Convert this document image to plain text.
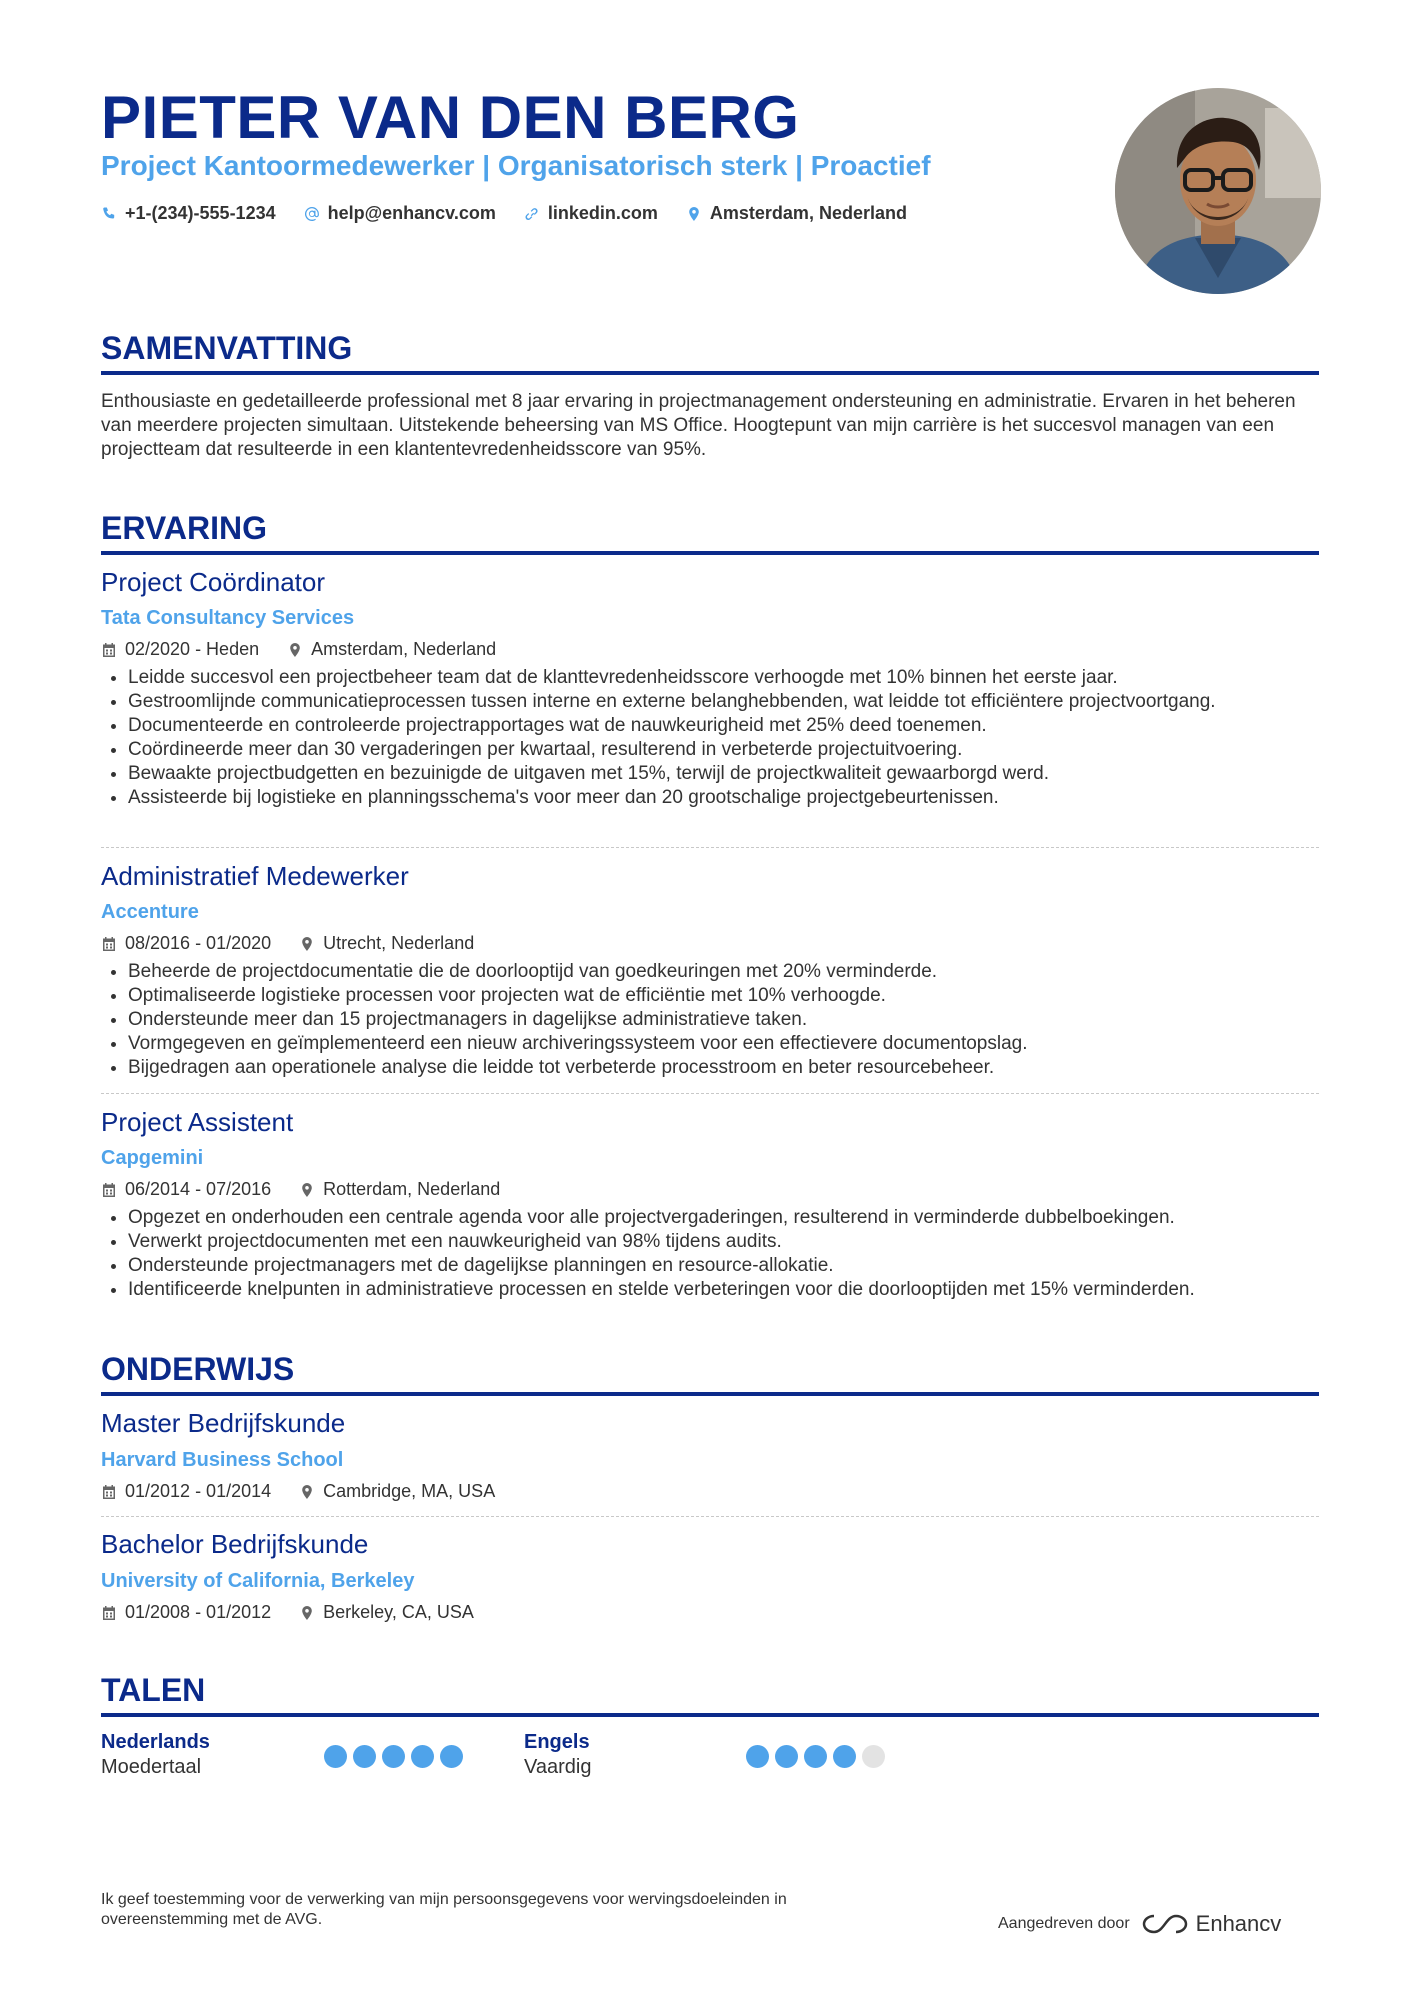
PIETER VAN DEN BERG
Project Kantoormedewerker | Organisatorisch sterk | Proactief
+1-(234)-555-1234	help@enhancv.com	linkedin.com	Amsterdam, Nederland
SAMENVATTING
Enthousiaste en gedetailleerde professional met 8 jaar ervaring in projectmanagement ondersteuning en administratie. Ervaren in het beheren van meerdere projecten simultaan. Uitstekende beheersing van MS Office. Hoogtepunt van mijn carrière is het succesvol managen van een projectteam dat resulteerde in een klantentevredenheidsscore van 95%.
ERVARING
Project Coördinator
Tata Consultancy Services
02/2020 - Heden	Amsterdam, Nederland
• Leidde succesvol een projectbeheer team dat de klanttevredenheidsscore verhoogde met 10% binnen het eerste jaar.
• Gestroomlijnde communicatieprocessen tussen interne en externe belanghebbenden, wat leidde tot efficiëntere projectvoortgang.
• Documenteerde en controleerde projectrapportages wat de nauwkeurigheid met 25% deed toenemen.
• Coördineerde meer dan 30 vergaderingen per kwartaal, resulterend in verbeterde projectuitvoering.
• Bewaakte projectbudgetten en bezuinigde de uitgaven met 15%, terwijl de projectkwaliteit gewaarborgd werd.
• Assisteerde bij logistieke en planningsschema's voor meer dan 20 grootschalige projectgebeurtenissen.
Administratief Medewerker
Accenture
08/2016 - 01/2020	Utrecht, Nederland
• Beheerde de projectdocumentatie die de doorlooptijd van goedkeuringen met 20% verminderde.
• Optimaliseerde logistieke processen voor projecten wat de efficiëntie met 10% verhoogde.
• Ondersteunde meer dan 15 projectmanagers in dagelijkse administratieve taken.
• Vormgegeven en geïmplementeerd een nieuw archiveringssysteem voor een effectievere documentopslag.
• Bijgedragen aan operationele analyse die leidde tot verbeterde processtroom en beter resourcebeheer.
Project Assistent
Capgemini
06/2014 - 07/2016	Rotterdam, Nederland
• Opgezet en onderhouden een centrale agenda voor alle projectvergaderingen, resulterend in verminderde dubbelboekingen.
• Verwerkt projectdocumenten met een nauwkeurigheid van 98% tijdens audits.
• Ondersteunde projectmanagers met de dagelijkse planningen en resource-allokatie.
• Identificeerde knelpunten in administratieve processen en stelde verbeteringen voor die doorlooptijden met 15% verminderden.
ONDERWIJS
Master Bedrijfskunde
Harvard Business School
01/2012 - 01/2014	Cambridge, MA, USA
Bachelor Bedrijfskunde
University of California, Berkeley
01/2008 - 01/2012	Berkeley, CA, USA
TALEN
Nederlands
Moedertaal
Engels
Vaardig
Ik geef toestemming voor de verwerking van mijn persoonsgegevens voor wervingsdoeleinden in overeenstemming met de AVG.	Aangedreven door	Enhancv
